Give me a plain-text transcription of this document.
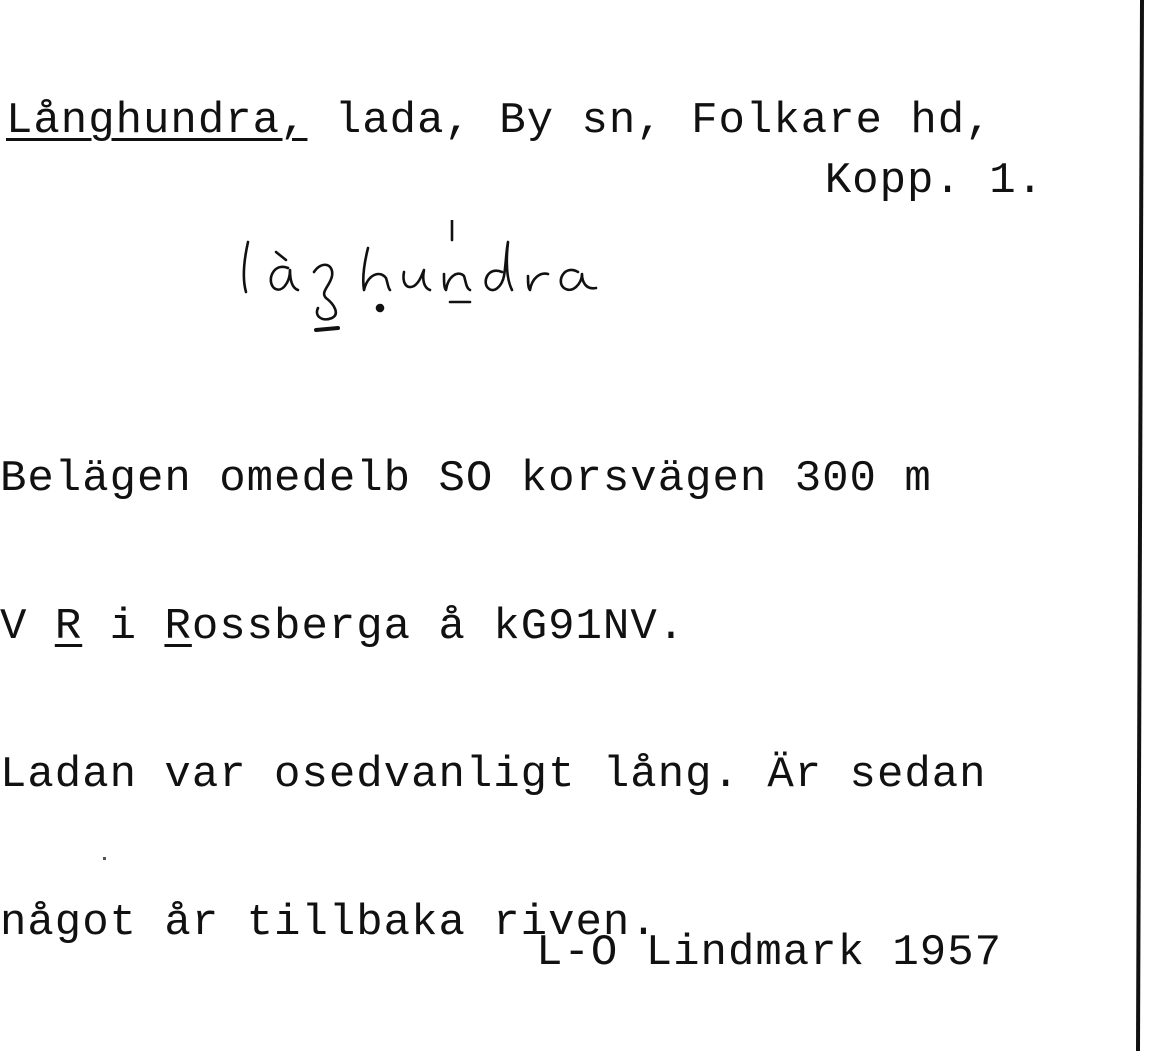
Långhundra, lada, By sn, Folkare hd,

Kopp. 1.

Belägen omedelb SO korsvägen 300 m

V R i Rossberga å kG91NV.

Ladan var osedvanligt lång. Är sedan

något år tillbaka riven.

L-O Lindmark 1957
